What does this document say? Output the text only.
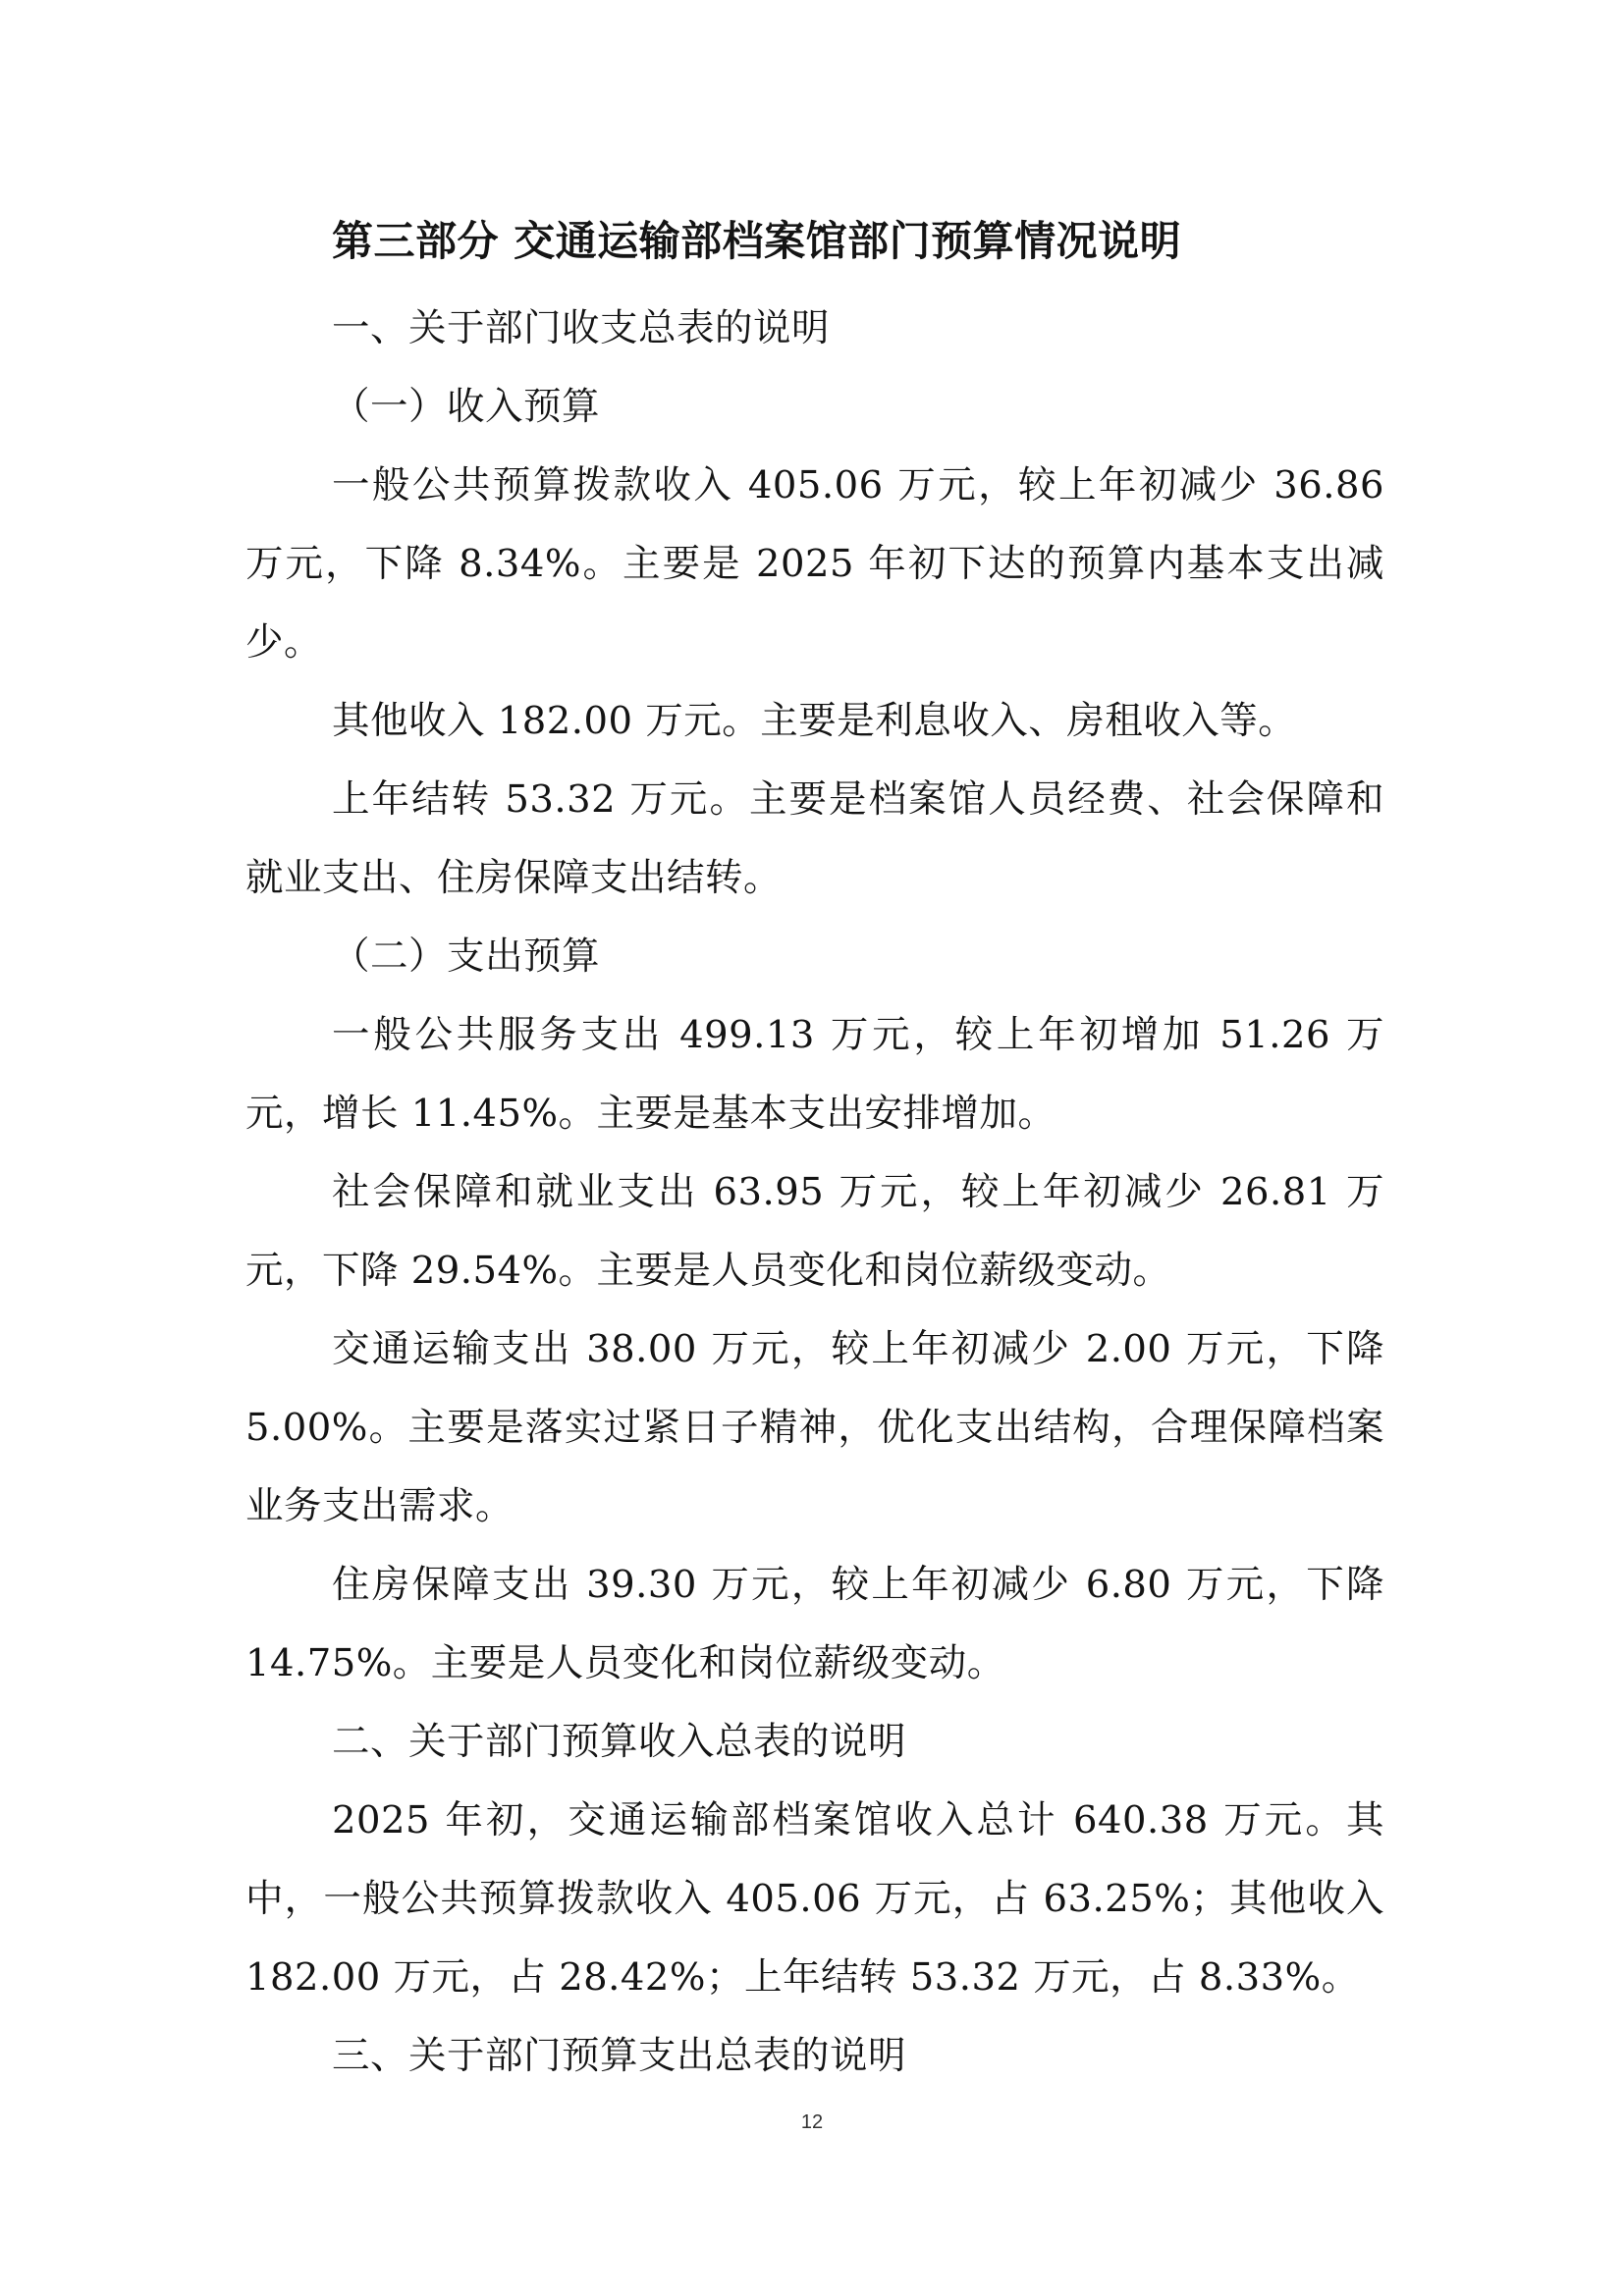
第三部分 交通运输部档案馆部门预算情况说明

一、关于部门收支总表的说明

（一）收入预算

一般公共预算拨款收入 405.06 万元，较上年初减少 36.86 万元，下降 8.34%。主要是 2025 年初下达的预算内基本支出减少。

其他收入 182.00 万元。主要是利息收入、房租收入等。

上年结转 53.32 万元。主要是档案馆人员经费、社会保障和就业支出、住房保障支出结转。

（二）支出预算

一般公共服务支出 499.13 万元，较上年初增加 51.26 万元，增长 11.45%。主要是基本支出安排增加。

社会保障和就业支出 63.95 万元，较上年初减少 26.81 万元，下降 29.54%。主要是人员变化和岗位薪级变动。

交通运输支出 38.00 万元，较上年初减少 2.00 万元，下降 5.00%。主要是落实过紧日子精神，优化支出结构，合理保障档案业务支出需求。

住房保障支出 39.30 万元，较上年初减少 6.80 万元，下降 14.75%。主要是人员变化和岗位薪级变动。

二、关于部门预算收入总表的说明

2025 年初，交通运输部档案馆收入总计 640.38 万元。其中，一般公共预算拨款收入 405.06 万元，占 63.25%；其他收入 182.00 万元，占 28.42%；上年结转 53.32 万元，占 8.33%。

三、关于部门预算支出总表的说明

12
